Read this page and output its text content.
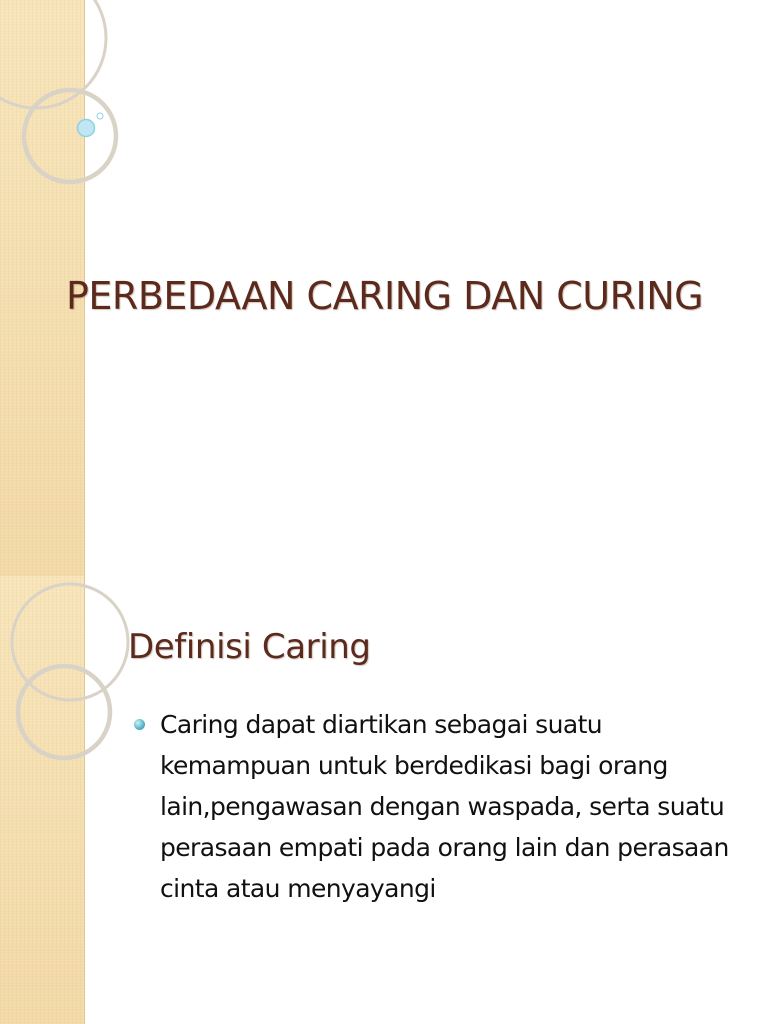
PERBEDAAN CARING DAN CURING
Definisi Caring
Caring dapat diartikan sebagai suatu kemampuan untuk berdedikasi bagi orang lain,pengawasan dengan waspada, serta suatu perasaan empati pada orang lain dan perasaan cinta atau menyayangi
